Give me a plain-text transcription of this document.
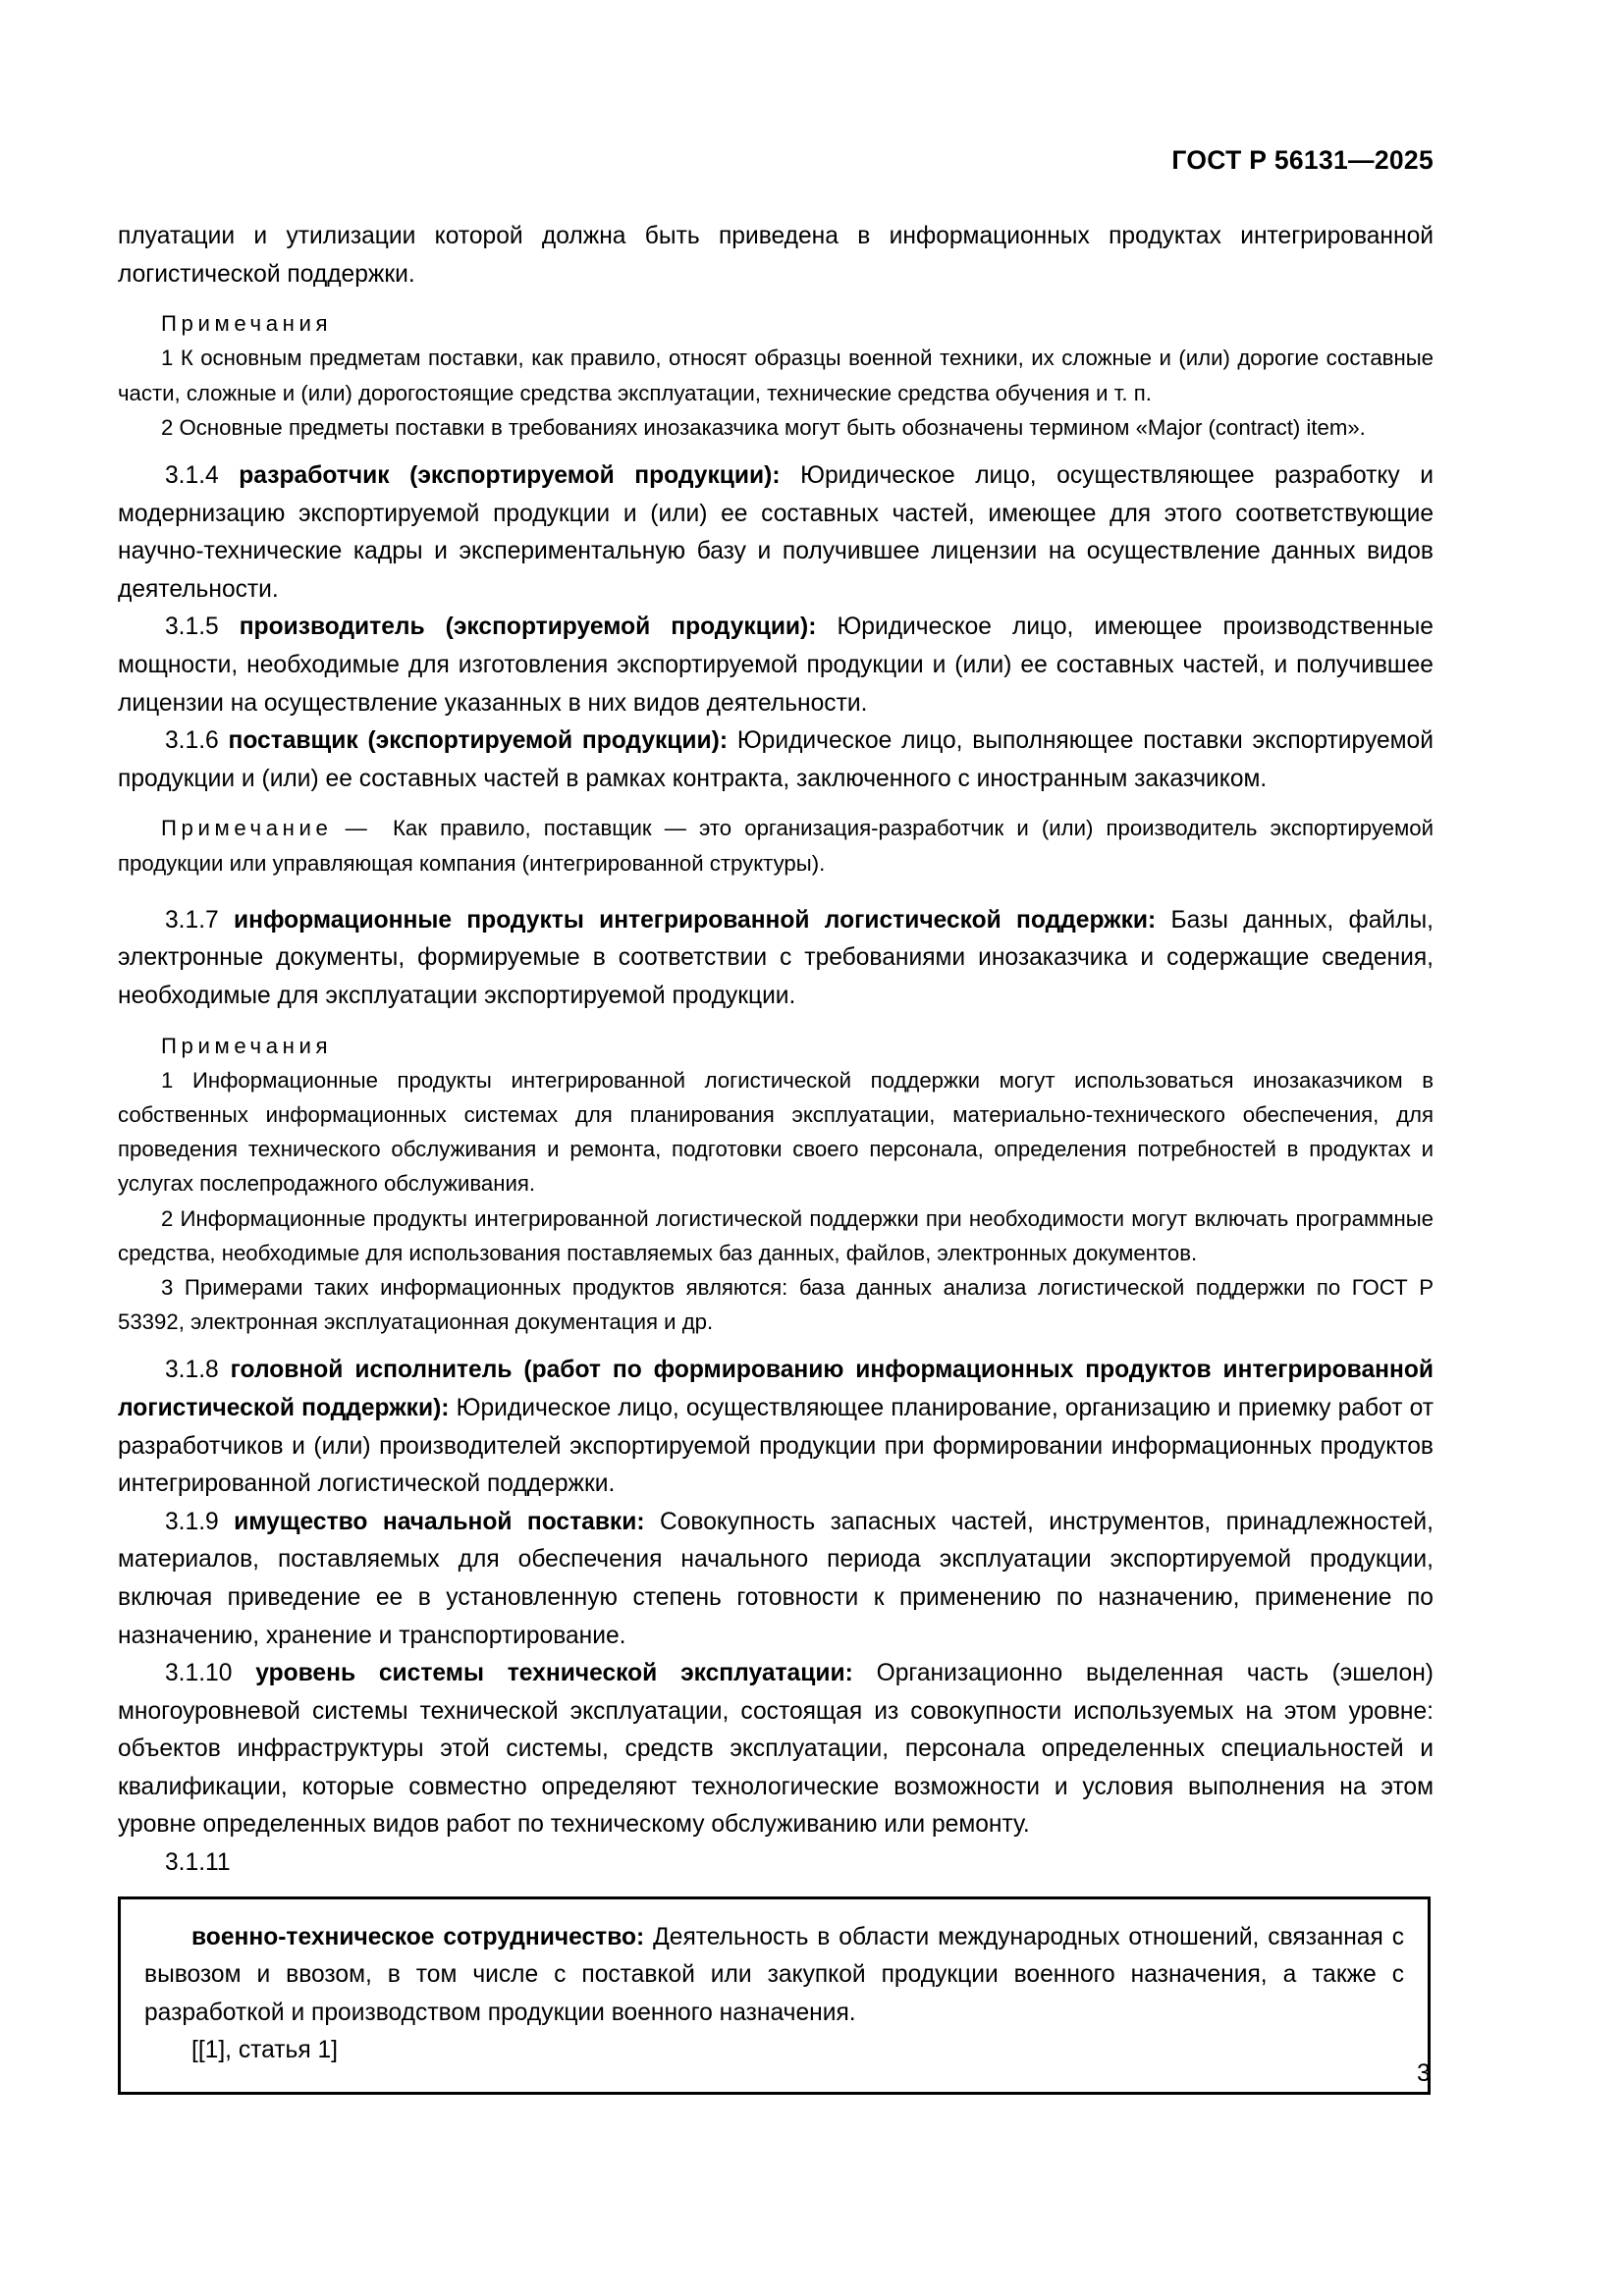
ГОСТ Р 56131—2025

плуатации и утилизации которой должна быть приведена в информационных продуктах интегрированной логистической поддержки.

Примечания

1 К основным предметам поставки, как правило, относят образцы военной техники, их сложные и (или) дорогие составные части, сложные и (или) дорогостоящие средства эксплуатации, технические средства обучения и т. п.

2 Основные предметы поставки в требованиях инозаказчика могут быть обозначены термином «Major (contract) item».

3.1.4 разработчик (экспортируемой продукции): Юридическое лицо, осуществляющее разработку и модернизацию экспортируемой продукции и (или) ее составных частей, имеющее для этого соответствующие научно-технические кадры и экспериментальную базу и получившее лицензии на осуществление данных видов деятельности.

3.1.5 производитель (экспортируемой продукции): Юридическое лицо, имеющее производственные мощности, необходимые для изготовления экспортируемой продукции и (или) ее составных частей, и получившее лицензии на осуществление указанных в них видов деятельности.

3.1.6 поставщик (экспортируемой продукции): Юридическое лицо, выполняющее поставки экспортируемой продукции и (или) ее составных частей в рамках контракта, заключенного с иностранным заказчиком.

Примечание — Как правило, поставщик — это организация-разработчик и (или) производитель экспортируемой продукции или управляющая компания (интегрированной структуры).

3.1.7 информационные продукты интегрированной логистической поддержки: Базы данных, файлы, электронные документы, формируемые в соответствии с требованиями инозаказчика и содержащие сведения, необходимые для эксплуатации экспортируемой продукции.

Примечания

1 Информационные продукты интегрированной логистической поддержки могут использоваться инозаказчиком в собственных информационных системах для планирования эксплуатации, материально-технического обеспечения, для проведения технического обслуживания и ремонта, подготовки своего персонала, определения потребностей в продуктах и услугах послепродажного обслуживания.

2 Информационные продукты интегрированной логистической поддержки при необходимости могут включать программные средства, необходимые для использования поставляемых баз данных, файлов, электронных документов.

3 Примерами таких информационных продуктов являются: база данных анализа логистической поддержки по ГОСТ Р 53392, электронная эксплуатационная документация и др.

3.1.8 головной исполнитель (работ по формированию информационных продуктов интегрированной логистической поддержки): Юридическое лицо, осуществляющее планирование, организацию и приемку работ от разработчиков и (или) производителей экспортируемой продукции при формировании информационных продуктов интегрированной логистической поддержки.

3.1.9 имущество начальной поставки: Совокупность запасных частей, инструментов, принадлежностей, материалов, поставляемых для обеспечения начального периода эксплуатации экспортируемой продукции, включая приведение ее в установленную степень готовности к применению по назначению, применение по назначению, хранение и транспортирование.

3.1.10 уровень системы технической эксплуатации: Организационно выделенная часть (эшелон) многоуровневой системы технической эксплуатации, состоящая из совокупности используемых на этом уровне: объектов инфраструктуры этой системы, средств эксплуатации, персонала определенных специальностей и квалификации, которые совместно определяют технологические возможности и условия выполнения на этом уровне определенных видов работ по техническому обслуживанию или ремонту.

3.1.11

военно-техническое сотрудничество: Деятельность в области международных отношений, связанная с вывозом и ввозом, в том числе с поставкой или закупкой продукции военного назначения, а также с разработкой и производством продукции военного назначения.

[[1], статья 1]

3
